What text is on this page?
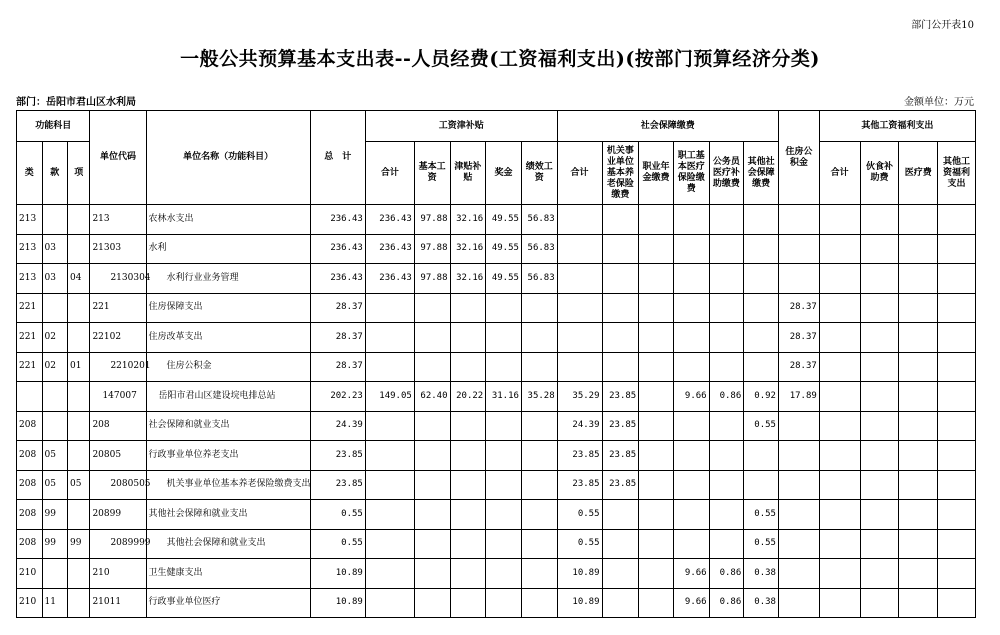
部门公开表10
一般公共预算基本支出表--人员经费(工资福利支出)(按部门预算经济分类)
部门：岳阳市君山区水利局	金额单位：万元
功能科目			单位代码	单位名称（功能科目）	总　计	工资津补贴					社会保障缴费						住房公积金	其他工资福利支出			
类	款	项				合计	基本工资	津贴补贴	奖金	绩效工资	合计	机关事业单位基本养老保险缴费	职业年金缴费	职工基本医疗保险缴费	公务员医疗补助缴费	其他社会保障缴费		合计	伙食补助费	医疗费	其他工资福利支出
213			213	农林水支出	236.43	236.43	97.88	32.16	49.55	56.83											
213	03		21303	水利	236.43	236.43	97.88	32.16	49.55	56.83											
213	03	04	2130304	水利行业业务管理	236.43	236.43	97.88	32.16	49.55	56.83											
221			221	住房保障支出	28.37												28.37				
221	02		22102	住房改革支出	28.37												28.37				
221	02	01	2210201	住房公积金	28.37												28.37				
			147007	岳阳市君山区建设垸电排总站	202.23	149.05	62.40	20.22	31.16	35.28	35.29	23.85		9.66	0.86	0.92	17.89				
208			208	社会保障和就业支出	24.39						24.39	23.85				0.55					
208	05		20805	行政事业单位养老支出	23.85						23.85	23.85									
208	05	05	2080505	机关事业单位基本养老保险缴费支出	23.85						23.85	23.85									
208	99		20899	其他社会保障和就业支出	0.55						0.55					0.55					
208	99	99	2089999	其他社会保障和就业支出	0.55						0.55					0.55					
210			210	卫生健康支出	10.89						10.89			9.66	0.86	0.38					
210	11		21011	行政事业单位医疗	10.89						10.89			9.66	0.86	0.38					
